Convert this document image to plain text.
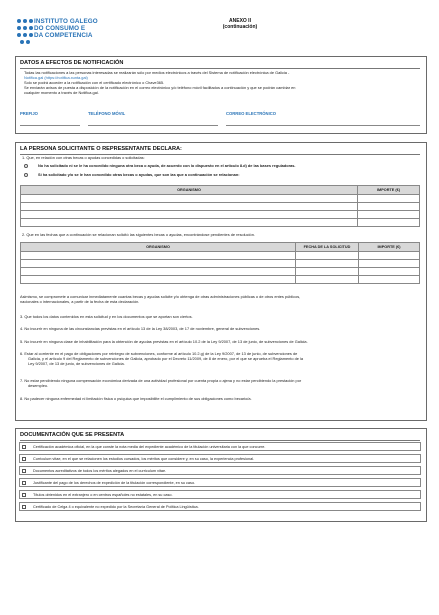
INSTITUTO GALEGO
DO CONSUMO E
DA COMPETENCIA
ANEXO II
(continuación)
DATOS A EFECTOS DE NOTIFICACIÓN
Todas las notificaciones a las personas interesadas se realizarán sólo por medios electrónicos a través del Sistema de notificación electrónica de Galicia -
Notifica.gal (https://notifica.xunta.gal)
Solo se podrá acceder a la notificación con el certificado electrónico o Chave365.
Se enviarán avisos de puesta a disposición de la notificación en el correo electrónico y/o teléfono móvil facilitados a continuación y que se podrán cambiar en
cualquier momento a través de Notifica.gal.
PREFIJO	TELÉFONO MÓVIL	CORREO ELECTRÓNICO
LA PERSONA SOLICITANTE O REPRESENTANTE DECLARA:
1. Que, en relación con otras becas o ayudas concedidas o solicitadas:
No ha solicitado ni se le ha concedido ninguna otra beca o ayuda, de acuerdo con lo dispuesto en el artículo 8.d) de las bases reguladoras.
Sí ha solicitado y/o se le han concedido otras becas o ayudas, que son las que a continuación se relacionan:
ORGANISMO	IMPORTE (€)

2. Que en las fechas que a continuación se relacionan solicitó las siguientes becas o ayudas, encontrándose pendientes de resolución.
ORGANISMO	FECHA DE LA SOLICITUD	IMPORTE (€)

Asimismo, se compromete a comunicar inmediatamente cuantas becas y ayudas solicite y/o obtenga de otras administraciones públicas o de otros entes públicos,
nacionales o internacionales, a partir de la fecha de esta declaración.
3. Que todos los datos contenidos en esta solicitud y en los documentos que se aportan son ciertos.
4. No incurrir en ninguna de las circunstancias previstas en el artículo 13 de la Ley 38/2003, de 17 de noviembre, general de subvenciones.
5. No incurrir en ninguna clase de inhabilitación para la obtención de ayudas previstas en el artículo 10.2 de la Ley 9/2007, de 13 de junio, de subvenciones de Galicia.
6. Estar al corriente en el pago de obligaciones por reintegro de subvenciones, conforme al artículo 10.2.g) de la Ley 9/2007, de 13 de junio, de subvenciones de
Galicia, y el artículo 9 del Reglamento de subvenciones de Galicia, aprobado por el Decreto 11/2009, de 8 de enero, por el que se aprueba el Reglamento de la
Ley 9/2007, de 13 de junio, de subvenciones de Galicia.
7. No estar percibiendo ninguna compensación económica derivada de una actividad profesional por cuenta propia o ajena y no estar percibiendo la prestación por
desempleo.
8. No padecer ninguna enfermedad ni limitación física o psíquica que imposibilite el cumplimiento de sus obligaciones como becario/a.
DOCUMENTACIÓN QUE SE PRESENTA
Certificación académica oficial, en la que conste la nota media del expediente académico de la titulación universitaria con la que concurre.
Curriculum vitae, en el que se relacionen los estudios cursados, los méritos que considere y, en su caso, la experiencia profesional.
Documentos acreditativos de todos los méritos alegados en el curriculum vitae.
Justificante del pago de los derechos de expedición de la titulación correspondiente, en su caso.
Títulos obtenidos en el extranjero o en centros españoles no estatales, en su caso.
Certificado de Celga 4 o equivalente no expedido por la Secretaría General de Política Lingüística.
